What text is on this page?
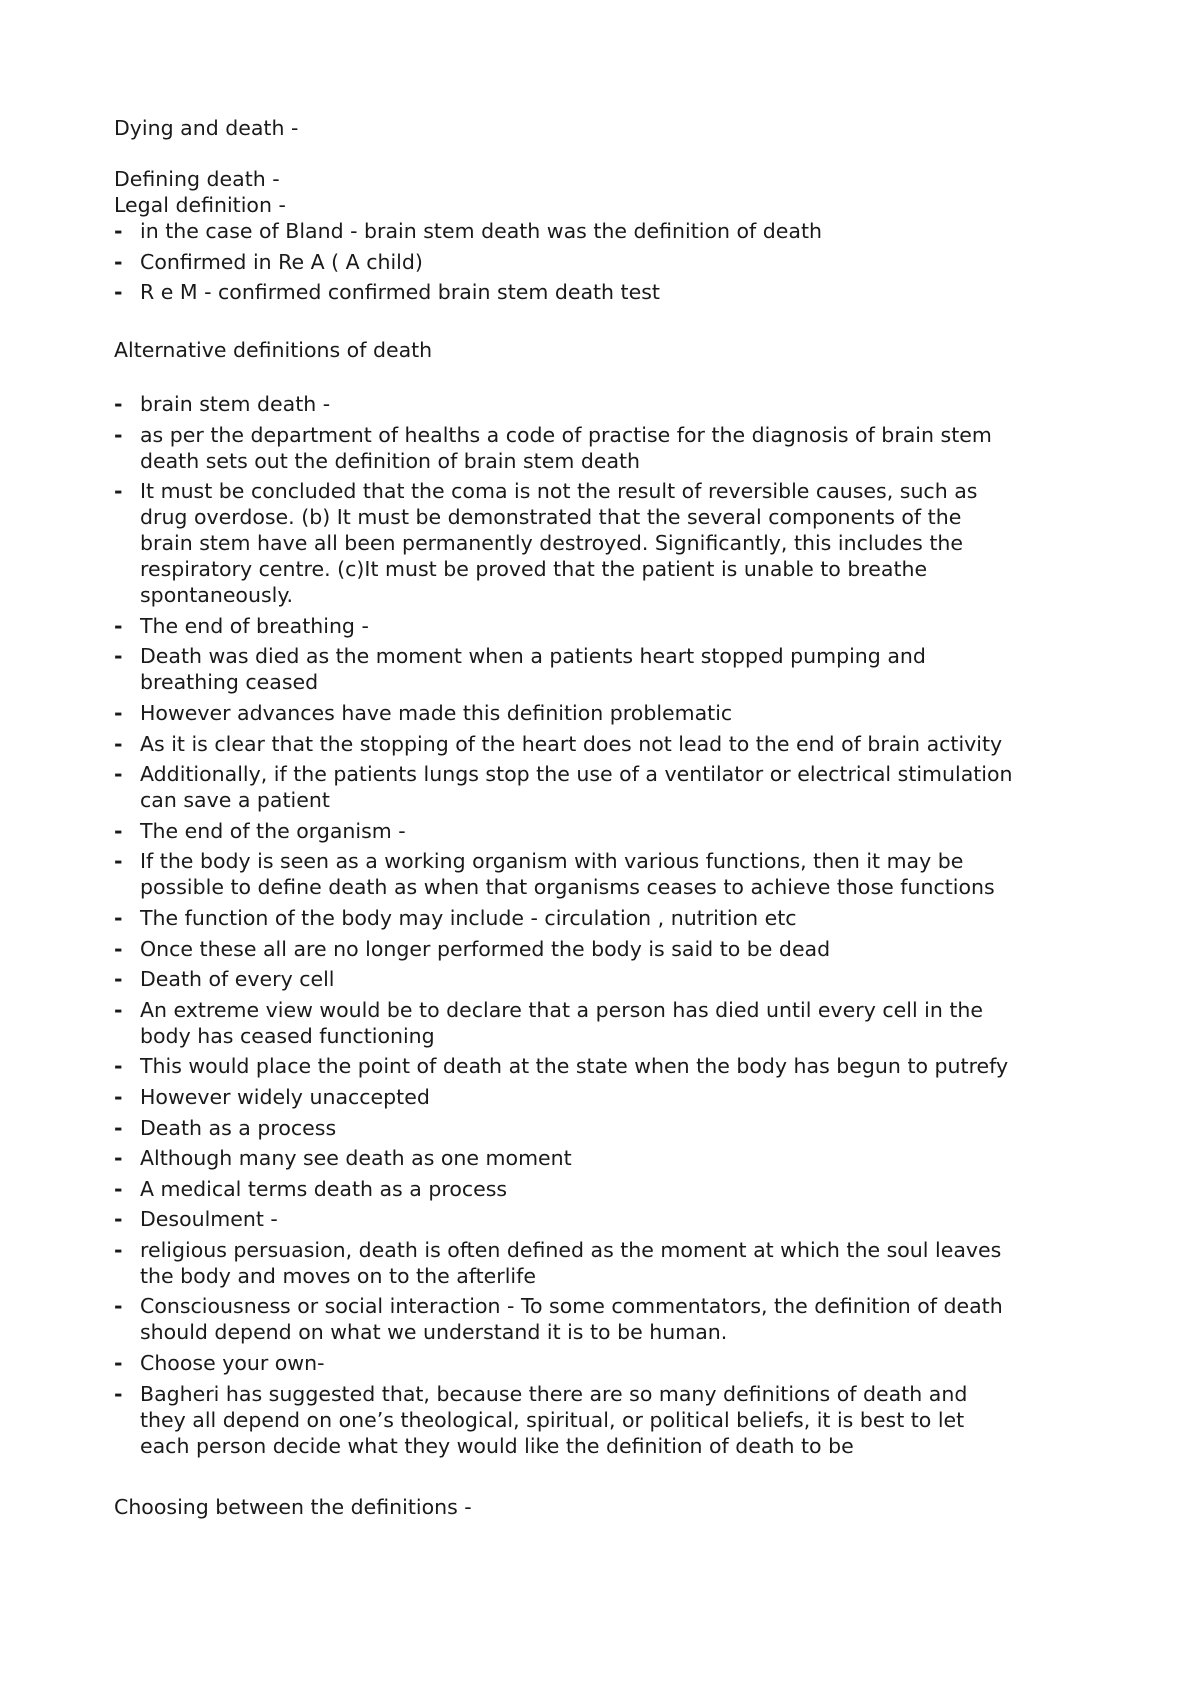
Dying and death -
Defining death -
Legal definition -
- in the case of Bland - brain stem death was the definition of death
- Confirmed in Re A ( A child)
- R e M - confirmed confirmed brain stem death test
Alternative definitions of death
- brain stem death -
- as per the department of healths a code of practise for the diagnosis of brain stem
death sets out the definition of brain stem death
- It must be concluded that the coma is not the result of reversible causes, such as
drug overdose. (b) It must be demonstrated that the several components of the
brain stem have all been permanently destroyed. Significantly, this includes the
respiratory centre. (c)It must be proved that the patient is unable to breathe
spontaneously.
- The end of breathing -
- Death was died as the moment when a patients heart stopped pumping and
breathing ceased
- However advances have made this definition problematic
- As it is clear that the stopping of the heart does not lead to the end of brain activity
- Additionally, if the patients lungs stop the use of a ventilator or electrical stimulation
can save a patient
- The end of the organism -
- If the body is seen as a working organism with various functions, then it may be
possible to define death as when that organisms ceases to achieve those functions
- The function of the body may include - circulation , nutrition etc
- Once these all are no longer performed the body is said to be dead
- Death of every cell
- An extreme view would be to declare that a person has died until every cell in the
body has ceased functioning
- This would place the point of death at the state when the body has begun to putrefy
- However widely unaccepted
- Death as a process
- Although many see death as one moment
- A medical terms death as a process
- Desoulment -
- religious persuasion, death is often defined as the moment at which the soul leaves
the body and moves on to the afterlife
- Consciousness or social interaction - To some commentators, the definition of death
should depend on what we understand it is to be human.
- Choose your own-
- Bagheri has suggested that, because there are so many definitions of death and
they all depend on one’s theological, spiritual, or political beliefs, it is best to let
each person decide what they would like the definition of death to be
Choosing between the definitions -
